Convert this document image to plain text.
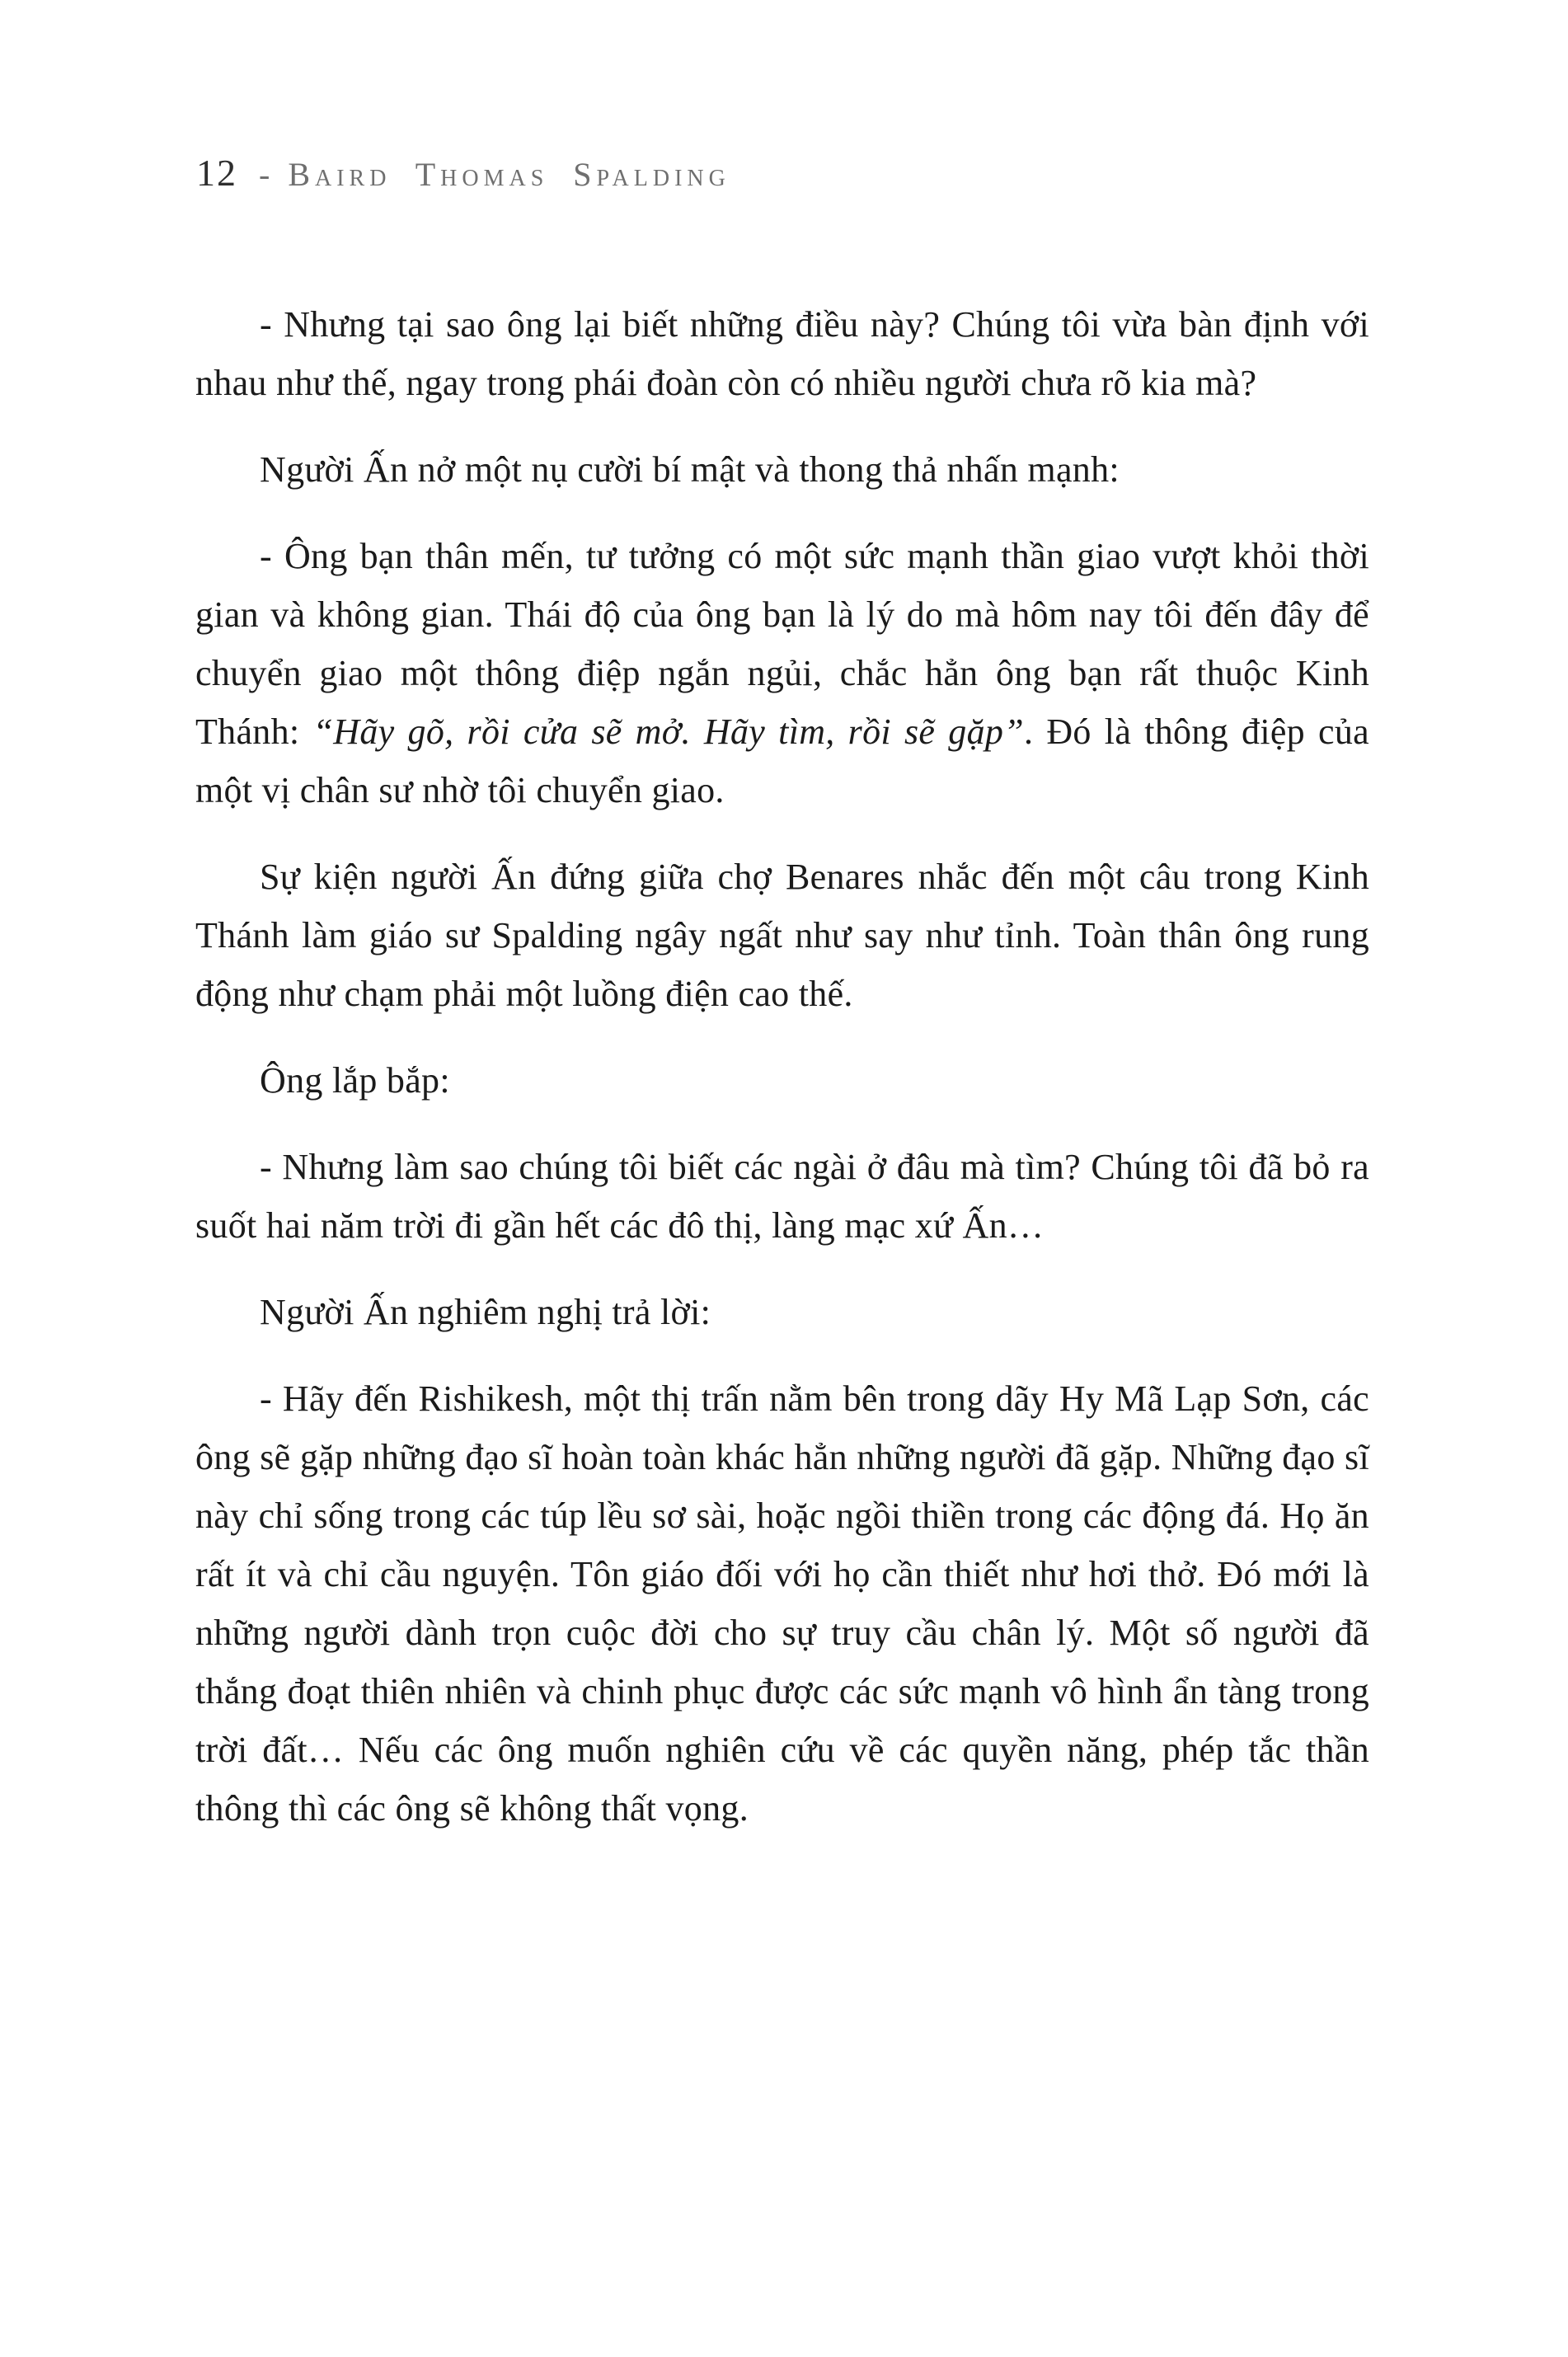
12 - Baird Thomas Spalding

- Nhưng tại sao ông lại biết những điều này? Chúng tôi vừa bàn định với nhau như thế, ngay trong phái đoàn còn có nhiều người chưa rõ kia mà?

Người Ấn nở một nụ cười bí mật và thong thả nhấn mạnh:

- Ông bạn thân mến, tư tưởng có một sức mạnh thần giao vượt khỏi thời gian và không gian. Thái độ của ông bạn là lý do mà hôm nay tôi đến đây để chuyển giao một thông điệp ngắn ngủi, chắc hẳn ông bạn rất thuộc Kinh Thánh: “Hãy gõ, rồi cửa sẽ mở. Hãy tìm, rồi sẽ gặp”. Đó là thông điệp của một vị chân sư nhờ tôi chuyển giao.

Sự kiện người Ấn đứng giữa chợ Benares nhắc đến một câu trong Kinh Thánh làm giáo sư Spalding ngây ngất như say như tỉnh. Toàn thân ông rung động như chạm phải một luồng điện cao thế.

Ông lắp bắp:

- Nhưng làm sao chúng tôi biết các ngài ở đâu mà tìm? Chúng tôi đã bỏ ra suốt hai năm trời đi gần hết các đô thị, làng mạc xứ Ấn…

Người Ấn nghiêm nghị trả lời:

- Hãy đến Rishikesh, một thị trấn nằm bên trong dãy Hy Mã Lạp Sơn, các ông sẽ gặp những đạo sĩ hoàn toàn khác hẳn những người đã gặp. Những đạo sĩ này chỉ sống trong các túp lều sơ sài, hoặc ngồi thiền trong các động đá. Họ ăn rất ít và chỉ cầu nguyện. Tôn giáo đối với họ cần thiết như hơi thở. Đó mới là những người dành trọn cuộc đời cho sự truy cầu chân lý. Một số người đã thắng đoạt thiên nhiên và chinh phục được các sức mạnh vô hình ẩn tàng trong trời đất… Nếu các ông muốn nghiên cứu về các quyền năng, phép tắc thần thông thì các ông sẽ không thất vọng.
